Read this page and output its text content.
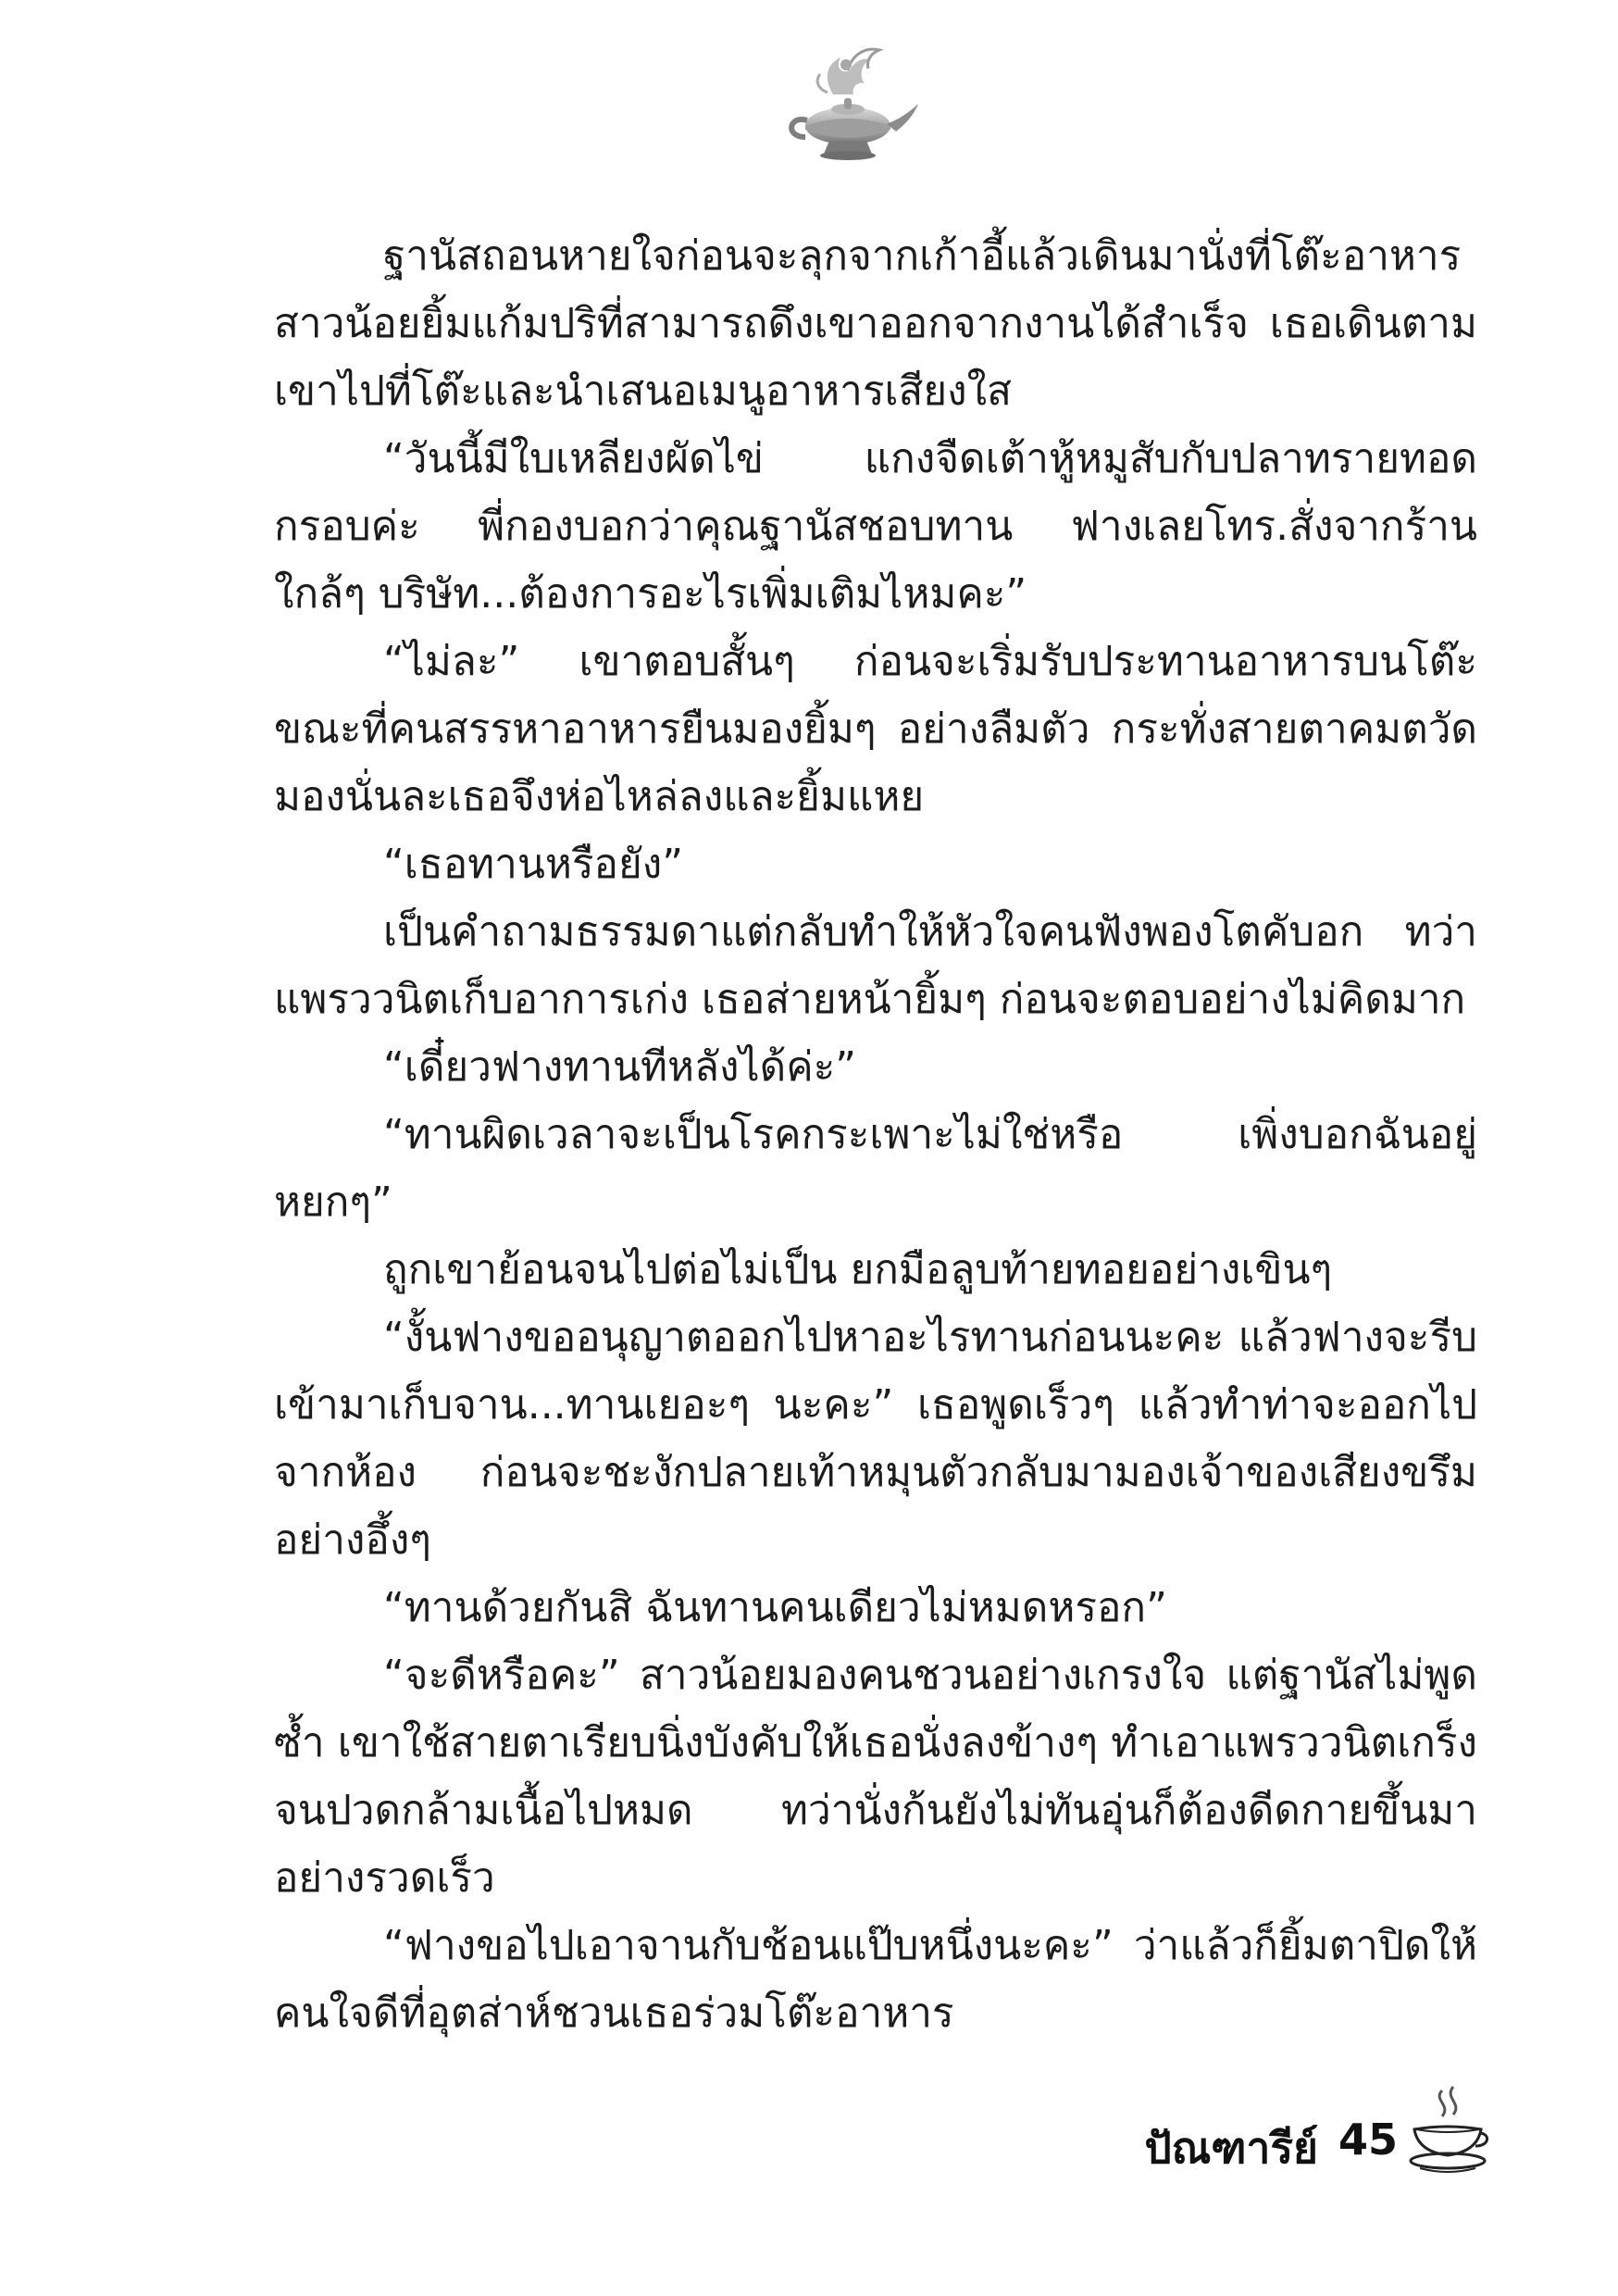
ฐานัสถอนหายใจก่อนจะลุกจากเก้าอี้แล้วเดินมานั่งที่โต๊ะอาหาร สาวน้อยยิ้มแก้มปริที่สามารถดึงเขาออกจากงานได้สำเร็จ เธอเดินตามเขาไปที่โต๊ะและนำเสนอเมนูอาหารเสียงใส

“วันนี้มีใบเหลียงผัดไข่ แกงจืดเต้าหู้หมูสับกับปลาทรายทอดกรอบค่ะ พี่กองบอกว่าคุณฐานัสชอบทาน ฟางเลยโทร.สั่งจากร้านใกล้ๆ บริษัท...ต้องการอะไรเพิ่มเติมไหมคะ”

“ไม่ละ” เขาตอบสั้นๆ ก่อนจะเริ่มรับประทานอาหารบนโต๊ะ ขณะที่คนสรรหาอาหารยืนมองยิ้มๆ อย่างลืมตัว กระทั่งสายตาคมตวัดมองนั่นละเธอจึงห่อไหล่ลงและยิ้มแหย

“เธอทานหรือยัง”

เป็นคำถามธรรมดาแต่กลับทำให้หัวใจคนฟังพองโตคับอก ทว่าแพรววนิตเก็บอาการเก่ง เธอส่ายหน้ายิ้มๆ ก่อนจะตอบอย่างไม่คิดมาก

“เดี๋ยวฟางทานทีหลังได้ค่ะ”

“ทานผิดเวลาจะเป็นโรคกระเพาะไม่ใช่หรือ เพิ่งบอกฉันอยู่หยกๆ”

ถูกเขาย้อนจนไปต่อไม่เป็น ยกมือลูบท้ายทอยอย่างเขินๆ

“งั้นฟางขออนุญาตออกไปหาอะไรทานก่อนนะคะ แล้วฟางจะรีบเข้ามาเก็บจาน...ทานเยอะๆ นะคะ” เธอพูดเร็วๆ แล้วทำท่าจะออกไปจากห้อง ก่อนจะชะงักปลายเท้าหมุนตัวกลับมามองเจ้าของเสียงขรึมอย่างอึ้งๆ

“ทานด้วยกันสิ ฉันทานคนเดียวไม่หมดหรอก”

“จะดีหรือคะ” สาวน้อยมองคนชวนอย่างเกรงใจ แต่ฐานัสไม่พูดซ้ำ เขาใช้สายตาเรียบนิ่งบังคับให้เธอนั่งลงข้างๆ ทำเอาแพรววนิตเกร็งจนปวดกล้ามเนื้อไปหมด ทว่านั่งก้นยังไม่ทันอุ่นก็ต้องดีดกายขึ้นมาอย่างรวดเร็ว

“ฟางขอไปเอาจานกับช้อนแป๊บหนึ่งนะคะ” ว่าแล้วก็ยิ้มตาปิดให้คนใจดีที่อุตส่าห์ชวนเธอร่วมโต๊ะอาหาร

ปัณฑารีย์ 45
